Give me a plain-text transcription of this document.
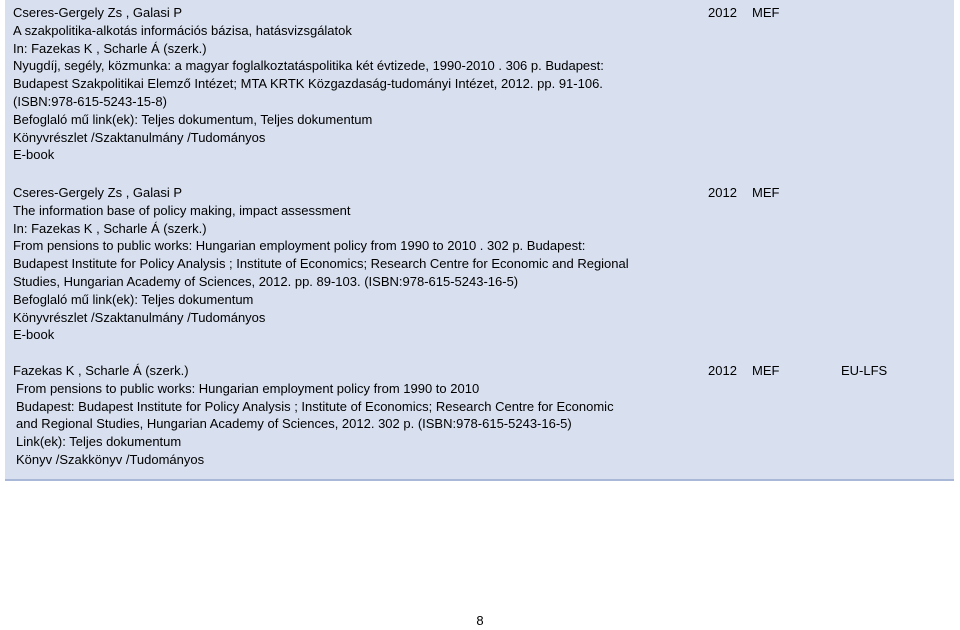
Cseres-Gergely Zs , Galasi P
A szakpolitika-alkotás információs bázisa, hatásvizsgálatok
In: Fazekas K , Scharle Á (szerk.)
Nyugdíj, segély, közmunka: a magyar foglalkoztatáspolitika két évtizede, 1990-2010 . 306 p. Budapest:
Budapest Szakpolitikai Elemző Intézet; MTA KRTK Közgazdaság-tudományi Intézet, 2012. pp. 91-106.
(ISBN:978-615-5243-15-8)
Befoglaló mű link(ek): Teljes dokumentum, Teljes dokumentum
Könyvrészlet /Szaktanulmány /Tudományos
E-book
2012 MEF
Cseres-Gergely Zs , Galasi P
The information base of policy making, impact assessment
In: Fazekas K , Scharle Á (szerk.)
From pensions to public works: Hungarian employment policy from 1990 to 2010 . 302 p. Budapest:
Budapest Institute for Policy Analysis ; Institute of Economics; Research Centre for Economic and Regional
Studies, Hungarian Academy of Sciences, 2012. pp. 89-103. (ISBN:978-615-5243-16-5)
Befoglaló mű link(ek): Teljes dokumentum
Könyvrészlet /Szaktanulmány /Tudományos
E-book
2012 MEF
Fazekas K , Scharle Á (szerk.)
From pensions to public works: Hungarian employment policy from 1990 to 2010
Budapest: Budapest Institute for Policy Analysis ; Institute of Economics; Research Centre for Economic
and Regional Studies, Hungarian Academy of Sciences, 2012. 302 p. (ISBN:978-615-5243-16-5)
Link(ek): Teljes dokumentum
Könyv /Szakkönyv /Tudományos
2012 MEF	EU-LFS
8
